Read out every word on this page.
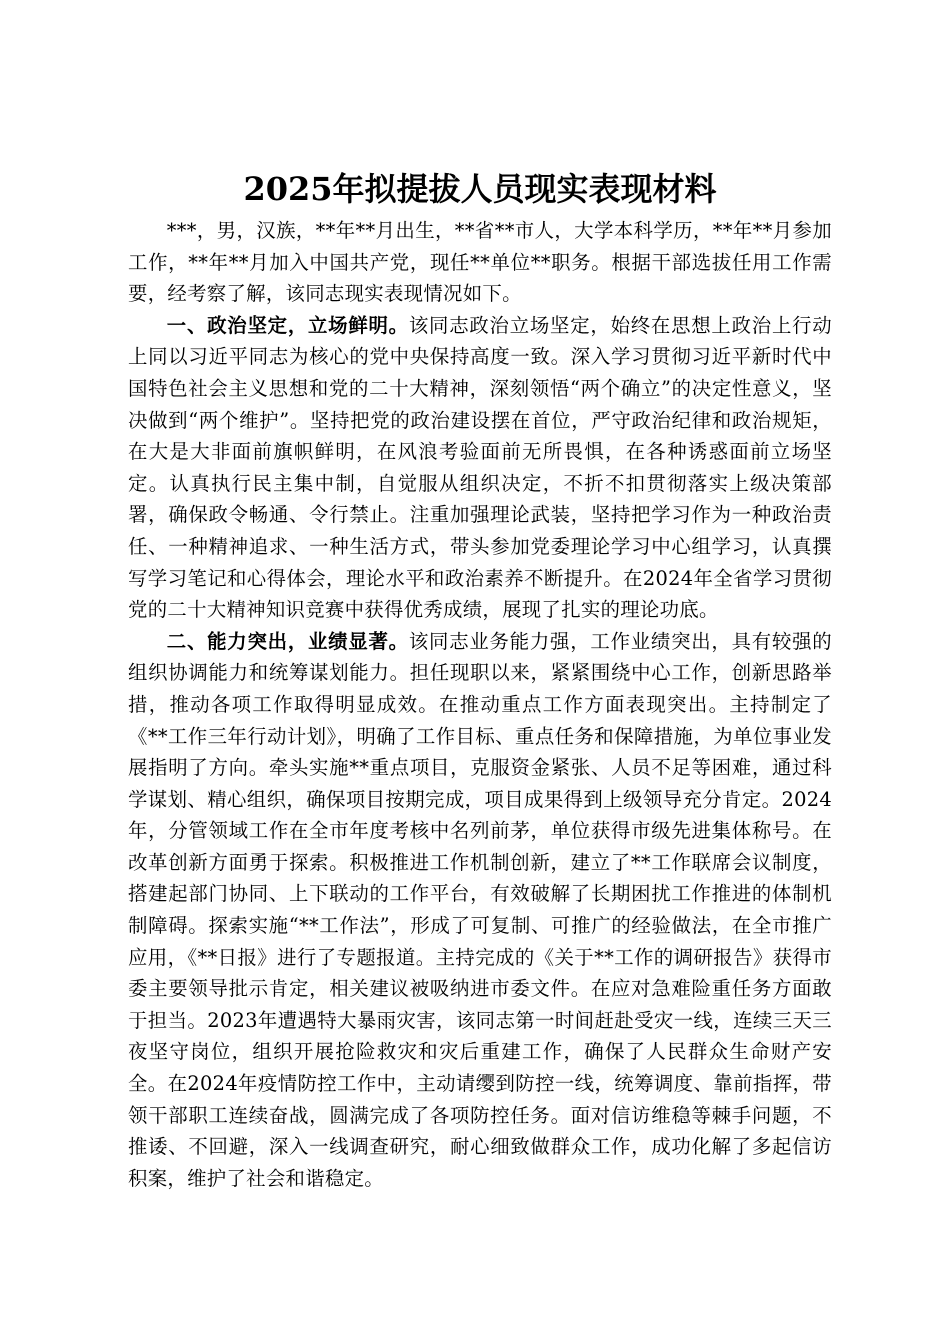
2025年拟提拔人员现实表现材料

***，男，汉族，**年**月出生，**省**市人，大学本科学历，**年**月参加工作，**年**月加入中国共产党，现任**单位**职务。根据干部选拔任用工作需要，经考察了解，该同志现实表现情况如下。

一、政治坚定，立场鲜明。该同志政治立场坚定，始终在思想上政治上行动上同以习近平同志为核心的党中央保持高度一致。深入学习贯彻习近平新时代中国特色社会主义思想和党的二十大精神，深刻领悟“两个确立”的决定性意义，坚决做到“两个维护”。坚持把党的政治建设摆在首位，严守政治纪律和政治规矩，在大是大非面前旗帜鲜明，在风浪考验面前无所畏惧，在各种诱惑面前立场坚定。认真执行民主集中制，自觉服从组织决定，不折不扣贯彻落实上级决策部署，确保政令畅通、令行禁止。注重加强理论武装，坚持把学习作为一种政治责任、一种精神追求、一种生活方式，带头参加党委理论学习中心组学习，认真撰写学习笔记和心得体会，理论水平和政治素养不断提升。在2024年全省学习贯彻党的二十大精神知识竞赛中获得优秀成绩，展现了扎实的理论功底。

二、能力突出，业绩显著。该同志业务能力强，工作业绩突出，具有较强的组织协调能力和统筹谋划能力。担任现职以来，紧紧围绕中心工作，创新思路举措，推动各项工作取得明显成效。在推动重点工作方面表现突出。主持制定了《**工作三年行动计划》，明确了工作目标、重点任务和保障措施，为单位事业发展指明了方向。牵头实施**重点项目，克服资金紧张、人员不足等困难，通过科学谋划、精心组织，确保项目按期完成，项目成果得到上级领导充分肯定。2024年，分管领域工作在全市年度考核中名列前茅，单位获得市级先进集体称号。在改革创新方面勇于探索。积极推进工作机制创新，建立了**工作联席会议制度，搭建起部门协同、上下联动的工作平台，有效破解了长期困扰工作推进的体制机制障碍。探索实施“**工作法”，形成了可复制、可推广的经验做法，在全市推广应用，《**日报》进行了专题报道。主持完成的《关于**工作的调研报告》获得市委主要领导批示肯定，相关建议被吸纳进市委文件。在应对急难险重任务方面敢于担当。2023年遭遇特大暴雨灾害，该同志第一时间赶赴受灾一线，连续三天三夜坚守岗位，组织开展抢险救灾和灾后重建工作，确保了人民群众生命财产安全。在2024年疫情防控工作中，主动请缨到防控一线，统筹调度、靠前指挥，带领干部职工连续奋战，圆满完成了各项防控任务。面对信访维稳等棘手问题，不推诿、不回避，深入一线调查研究，耐心细致做群众工作，成功化解了多起信访积案，维护了社会和谐稳定。
